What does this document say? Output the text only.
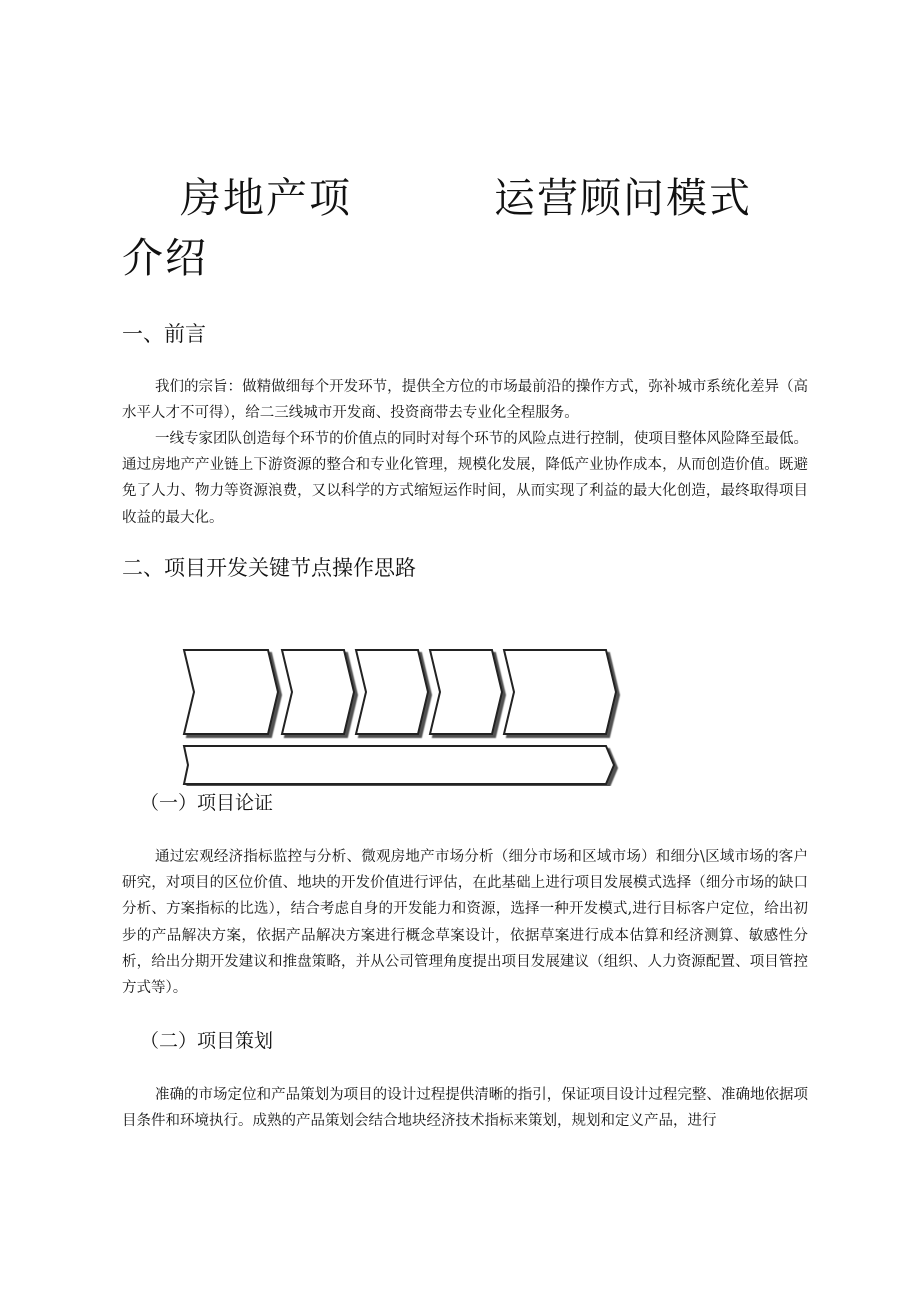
房地产项	运营顾问模式
介绍
一、前言

我们的宗旨：做精做细每个开发环节，提供全方位的市场最前沿的操作方式，弥补城市系统化差异（高水平人才不可得），给二三线城市开发商、投资商带去专业化全程服务。

一线专家团队创造每个环节的价值点的同时对每个环节的风险点进行控制，使项目整体风险降至最低。通过房地产产业链上下游资源的整合和专业化管理，规模化发展，降低产业协作成本，从而创造价值。既避免了人力、物力等资源浪费，又以科学的方式缩短运作时间，从而实现了利益的最大化创造，最终取得项目收益的最大化。

二、项目开发关键节点操作思路
（一）项目论证

通过宏观经济指标监控与分析、微观房地产市场分析（细分市场和区域市场）和细分\区域市场的客户研究，对项目的区位价值、地块的开发价值进行评估，在此基础上进行项目发展模式选择（细分市场的缺口分析、方案指标的比选），结合考虑自身的开发能力和资源，选择一种开发模式,进行目标客户定位，给出初步的产品解决方案，依据产品解决方案进行概念草案设计，依据草案进行成本估算和经济测算、敏感性分析，给出分期开发建议和推盘策略，并从公司管理角度提出项目发展建议（组织、人力资源配置、项目管控方式等）。

（二）项目策划

准确的市场定位和产品策划为项目的设计过程提供清晰的指引，保证项目设计过程完整、准确地依据项目条件和环境执行。成熟的产品策划会结合地块经济技术指标来策划，规划和定义产品，进行
